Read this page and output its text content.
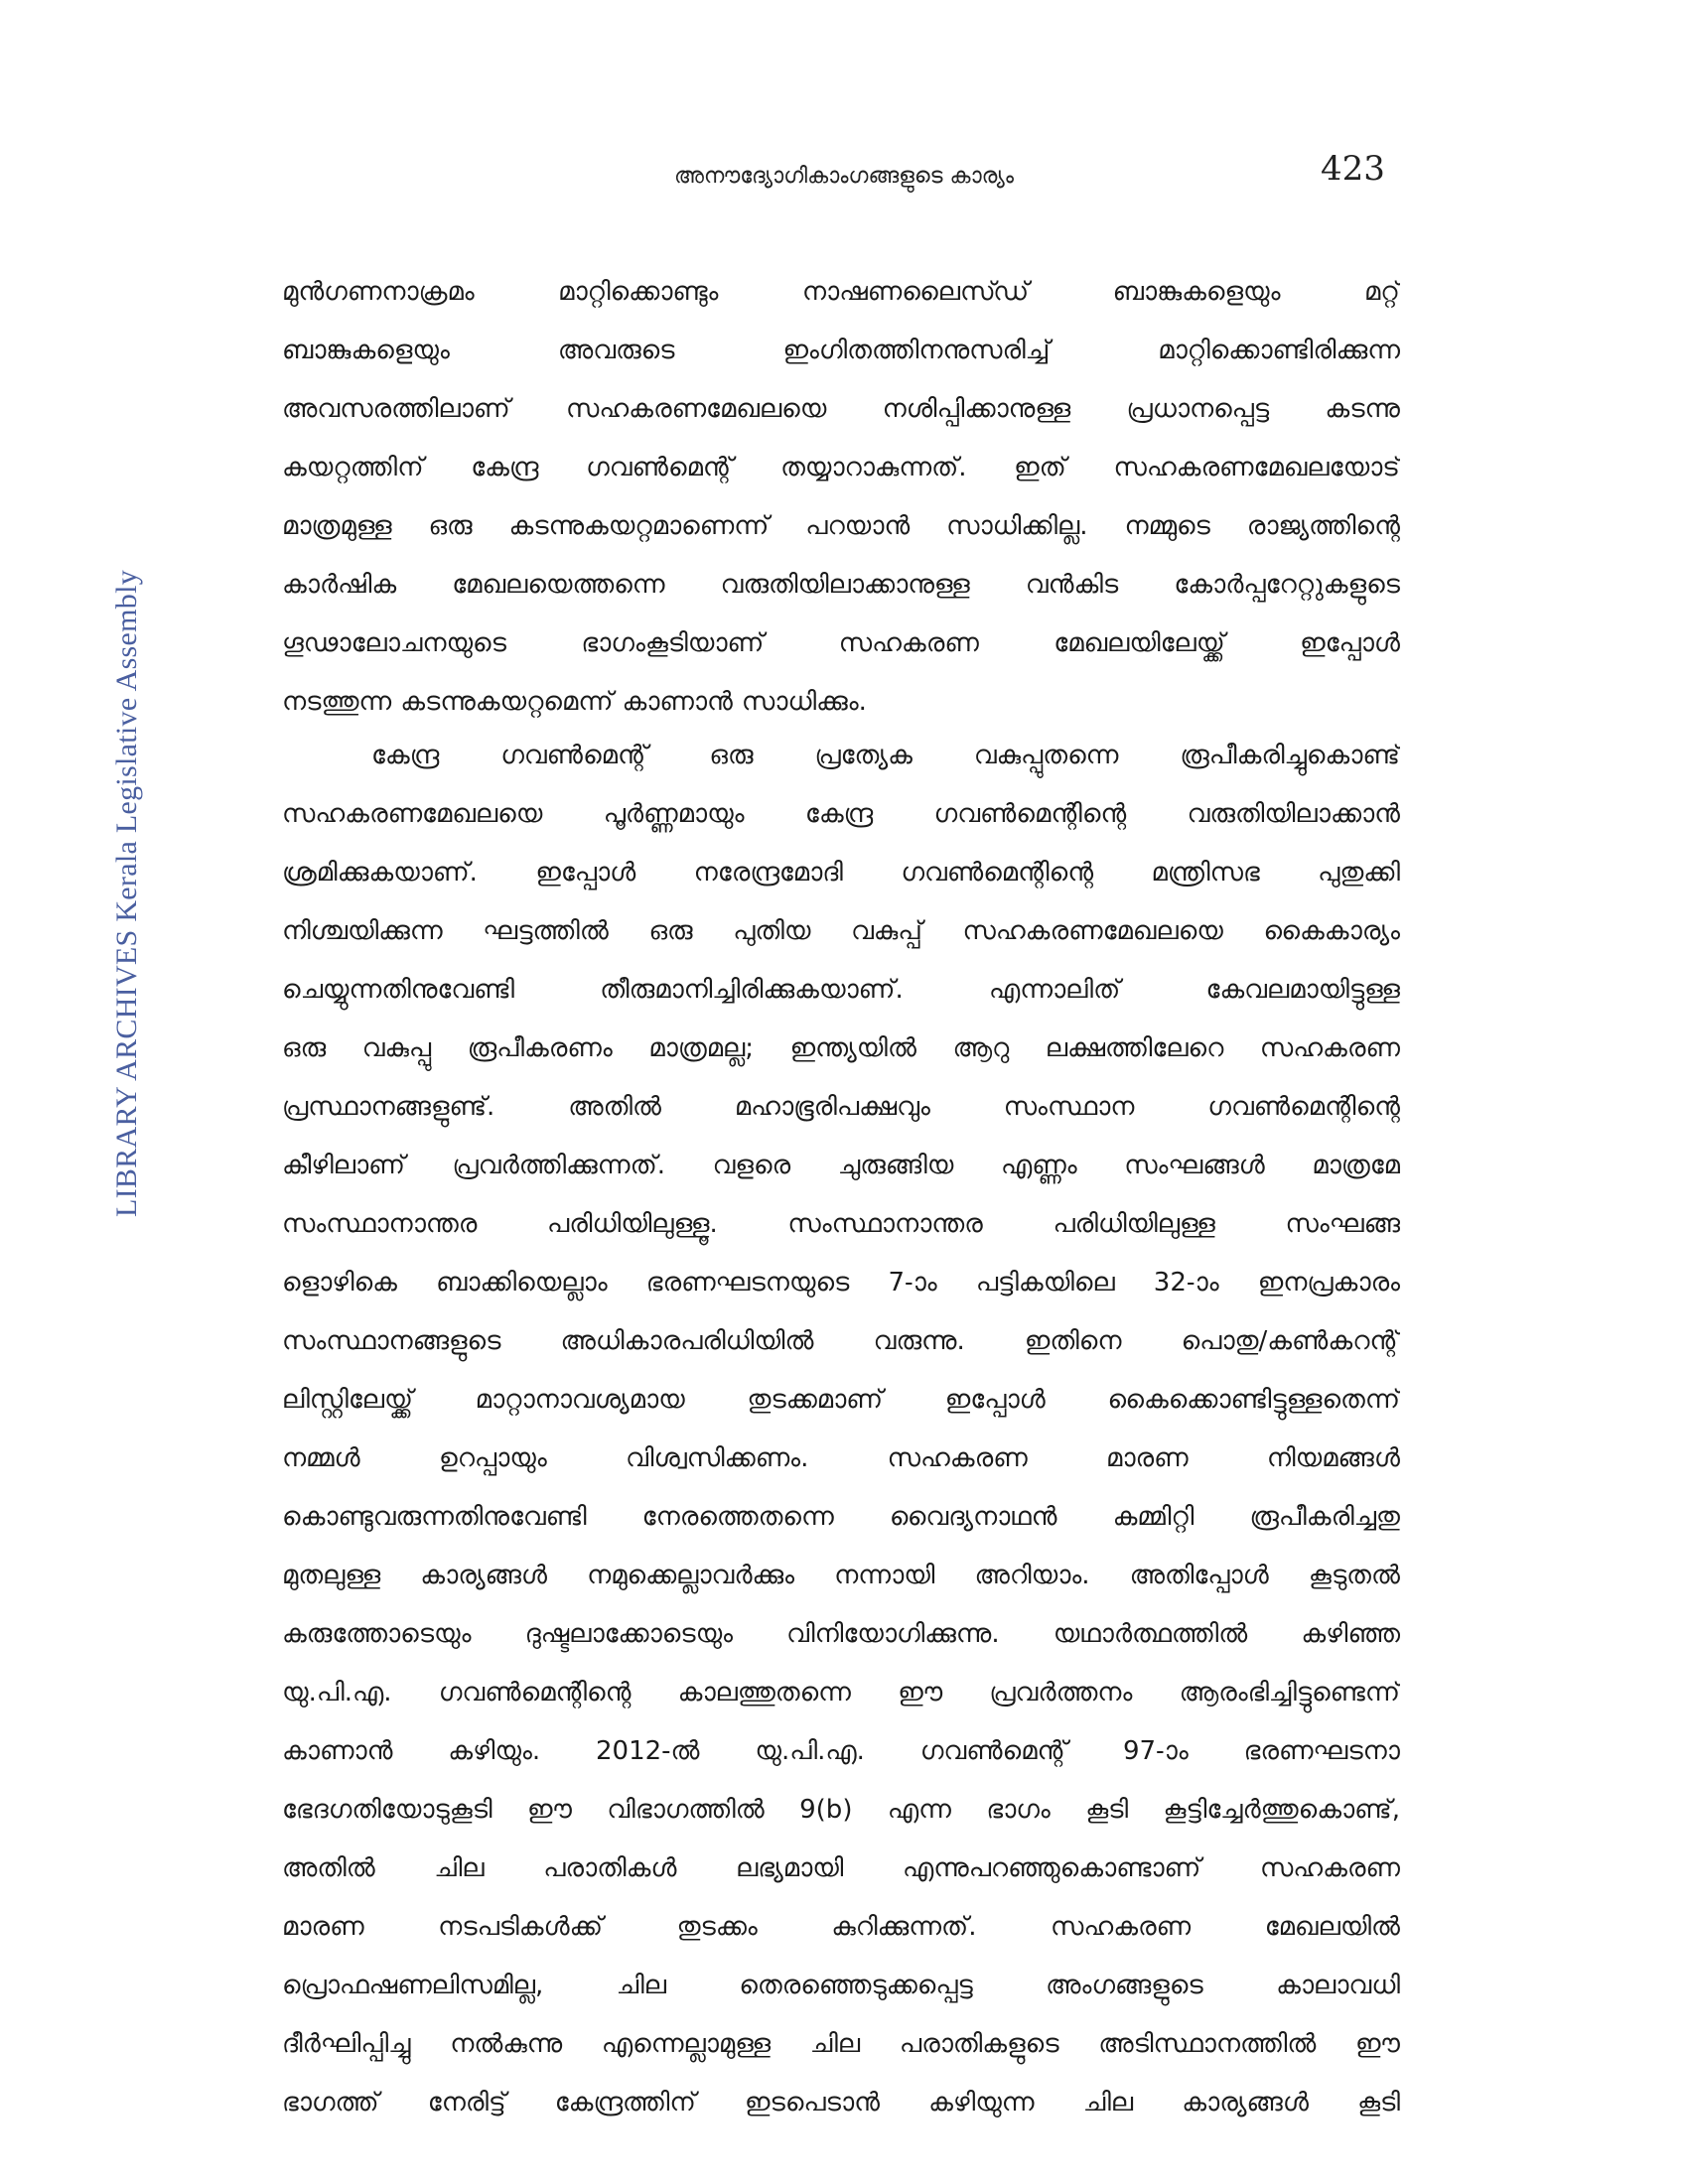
അനൗദ്യോഗികാംഗങ്ങളുടെ കാര്യം	423
LIBRARY ARCHIVES Kerala Legislative Assembly
മുൻഗണനാക്രമം	മാറ്റിക്കൊണ്ടും	നാഷണലൈസ്ഡ്	ബാങ്കുകളെയും	മറ്റ്
ബാങ്കുകളെയും	അവരുടെ	ഇംഗിതത്തിനനുസരിച്ച്	മാറ്റിക്കൊണ്ടിരിക്കുന്ന
അവസരത്തിലാണ് സഹകരണമേഖലയെ നശിപ്പിക്കാനുള്ള പ്രധാനപ്പെട്ട കടന്നു
കയറ്റത്തിന് കേന്ദ്ര ഗവൺമെന്റ് തയ്യാറാകുന്നത്. ഇത് സഹകരണമേഖലയോട്
മാത്രമുള്ള ഒരു കടന്നുകയറ്റമാണെന്ന് പറയാൻ സാധിക്കില്ല. നമ്മുടെ രാജ്യത്തിന്റെ
കാർഷിക മേഖലയെത്തന്നെ വരുതിയിലാക്കാനുള്ള വൻകിട കോർപ്പറേറ്റുകളുടെ
ഗൂഢാലോചനയുടെ	ഭാഗംകൂടിയാണ്	സഹകരണ	മേഖലയിലേയ്ക്ക്	ഇപ്പോൾ
നടത്തുന്ന കടന്നുകയറ്റമെന്ന് കാണാൻ സാധിക്കും.
കേന്ദ്ര ഗവൺമെന്റ് ഒരു പ്രത്യേക വകുപ്പുതന്നെ രൂപീകരിച്ചുകൊണ്ട്
സഹകരണമേഖലയെ പൂർണ്ണമായും കേന്ദ്ര ഗവൺമെന്റിന്റെ വരുതിയിലാക്കാൻ
ശ്രമിക്കുകയാണ്. ഇപ്പോൾ നരേന്ദ്രമോദി ഗവൺമെന്റിന്റെ മന്ത്രിസഭ പുതുക്കി
നിശ്ചയിക്കുന്ന ഘട്ടത്തിൽ ഒരു പുതിയ വകുപ്പ് സഹകരണമേഖലയെ കൈകാര്യം
ചെയ്യുന്നതിനുവേണ്ടി	തീരുമാനിച്ചിരിക്കുകയാണ്.	എന്നാലിത്	കേവലമായിട്ടുള്ള
ഒരു വകുപ്പു രൂപീകരണം മാത്രമല്ല; ഇന്ത്യയിൽ ആറു ലക്ഷത്തിലേറെ സഹകരണ
പ്രസ്ഥാനങ്ങളുണ്ട്.	അതിൽ	മഹാഭൂരിപക്ഷവും	സംസ്ഥാന	ഗവൺമെന്റിന്റെ
കീഴിലാണ് പ്രവർത്തിക്കുന്നത്. വളരെ ചുരുങ്ങിയ എണ്ണം സംഘങ്ങൾ മാത്രമേ
സംസ്ഥാനാന്തര	പരിധിയിലുള്ളൂ.	സംസ്ഥാനാന്തര	പരിധിയിലുള്ള	സംഘങ്ങ
ളൊഴികെ ബാക്കിയെല്ലാം ഭരണഘടനയുടെ 7-ാം പട്ടികയിലെ 32-ാം ഇനപ്രകാരം
സംസ്ഥാനങ്ങളുടെ അധികാരപരിധിയിൽ വരുന്നു. ഇതിനെ പൊതു/കൺകറന്റ്
ലിസ്റ്റിലേയ്ക്ക് മാറ്റാനാവശ്യമായ തുടക്കമാണ് ഇപ്പോൾ കൈക്കൊണ്ടിട്ടുള്ളതെന്ന്
നമ്മൾ	ഉറപ്പായും	വിശ്വസിക്കണം.	സഹകരണ	മാരണ	നിയമങ്ങൾ
കൊണ്ടുവരുന്നതിനുവേണ്ടി നേരത്തെതന്നെ വൈദ്യനാഥൻ കമ്മിറ്റി രൂപീകരിച്ചതു
മുതലുള്ള കാര്യങ്ങൾ നമുക്കെല്ലാവർക്കും നന്നായി അറിയാം. അതിപ്പോൾ കൂടുതൽ
കരുത്തോടെയും ദുഷ്ടലാക്കോടെയും വിനിയോഗിക്കുന്നു. യഥാർത്ഥത്തിൽ കഴിഞ്ഞ
യു.പി.എ. ഗവൺമെന്റിന്റെ കാലത്തുതന്നെ ഈ പ്രവർത്തനം ആരംഭിച്ചിട്ടുണ്ടെന്ന്
കാണാൻ കഴിയും. 2012-ൽ യു.പി.എ. ഗവൺമെന്റ് 97-ാം ഭരണഘടനാ
ഭേദഗതിയോടുകൂടി ഈ വിഭാഗത്തിൽ 9(b) എന്ന ഭാഗം കൂടി കൂട്ടിച്ചേർത്തുകൊണ്ട്,
അതിൽ ചില പരാതികൾ ലഭ്യമായി എന്നുപറഞ്ഞുകൊണ്ടാണ് സഹകരണ
മാരണ	നടപടികൾക്ക്	തുടക്കം	കുറിക്കുന്നത്.	സഹകരണ	മേഖലയിൽ
പ്രൊഫഷണലിസമില്ല,	ചില	തെരഞ്ഞെടുക്കപ്പെട്ട	അംഗങ്ങളുടെ	കാലാവധി
ദീർഘിപ്പിച്ചു നൽകുന്നു എന്നെല്ലാമുള്ള ചില പരാതികളുടെ അടിസ്ഥാനത്തിൽ ഈ
ഭാഗത്ത് നേരിട്ട് കേന്ദ്രത്തിന് ഇടപെടാൻ കഴിയുന്ന ചില കാര്യങ്ങൾ കൂടി
